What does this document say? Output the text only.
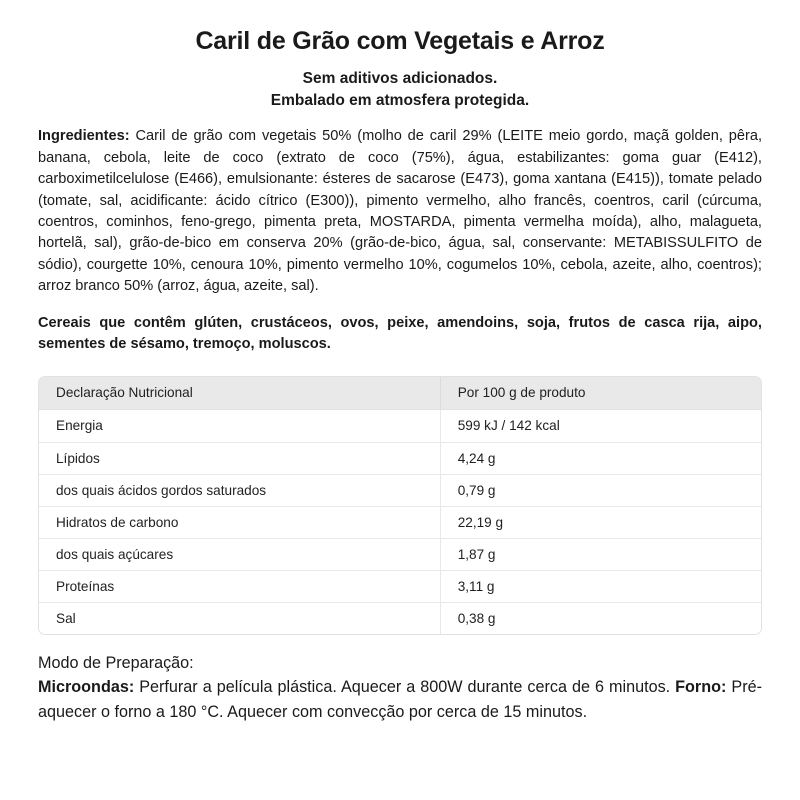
Caril de Grão com Vegetais e Arroz

Sem aditivos adicionados.
Embalado em atmosfera protegida.

Ingredientes: Caril de grão com vegetais 50% (molho de caril 29% (LEITE meio gordo, maçã golden, pêra, banana, cebola, leite de coco (extrato de coco (75%), água, estabilizantes: goma guar (E412), carboximetilcelulose (E466), emulsionante: ésteres de sacarose (E473), goma xantana (E415)), tomate pelado (tomate, sal, acidificante: ácido cítrico (E300)), pimento vermelho, alho francês, coentros, caril (cúrcuma, coentros, cominhos, feno-grego, pimenta preta, MOSTARDA, pimenta vermelha moída), alho, malagueta, hortelã, sal), grão-de-bico em conserva 20% (grão-de-bico, água, sal, conservante: METABISSULFITO de sódio), courgette 10%, cenoura 10%, pimento vermelho 10%, cogumelos 10%, cebola, azeite, alho, coentros); arroz branco 50% (arroz, água, azeite, sal).

Cereais que contêm glúten, crustáceos, ovos, peixe, amendoins, soja, frutos de casca rija, aipo, sementes de sésamo, tremoço, moluscos.

Declaração Nutricional	Por 100 g de produto
Energia	599 kJ / 142 kcal
Lípidos	4,24 g
dos quais ácidos gordos saturados	0,79 g
Hidratos de carbono	22,19 g
dos quais açúcares	1,87 g
Proteínas	3,11 g
Sal	0,38 g

Modo de Preparação:
Microondas: Perfurar a película plástica. Aquecer a 800W durante cerca de 6 minutos. Forno: Pré-aquecer o forno a 180 °C. Aquecer com convecção por cerca de 15 minutos.
